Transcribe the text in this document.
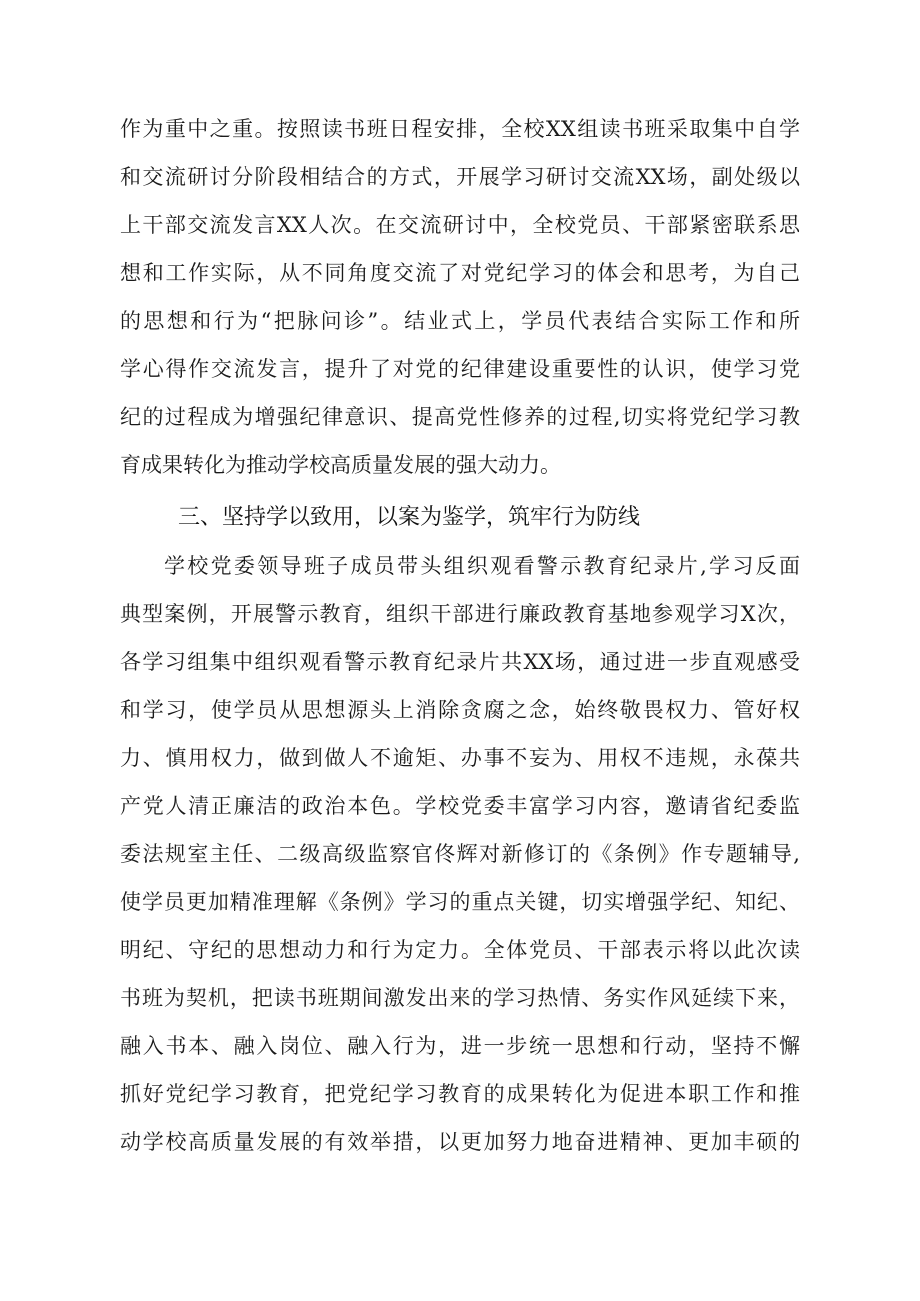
作为重中之重。按照读书班日程安排，全校XX组读书班采取集中自学
和交流研讨分阶段相结合的方式，开展学习研讨交流XX场，副处级以
上干部交流发言XX人次。在交流研讨中，全校党员、干部紧密联系思
想和工作实际，从不同角度交流了对党纪学习的体会和思考，为自己
的思想和行为“把脉问诊”。结业式上，学员代表结合实际工作和所
学心得作交流发言，提升了对党的纪律建设重要性的认识，使学习党
纪的过程成为增强纪律意识、提高党性修养的过程,切实将党纪学习教
育成果转化为推动学校高质量发展的强大动力。
三、坚持学以致用，以案为鉴学，筑牢行为防线
学校党委领导班子成员带头组织观看警示教育纪录片,学习反面
典型案例，开展警示教育，组织干部进行廉政教育基地参观学习X次，
各学习组集中组织观看警示教育纪录片共XX场，通过进一步直观感受
和学习，使学员从思想源头上消除贪腐之念，始终敬畏权力、管好权
力、慎用权力，做到做人不逾矩、办事不妄为、用权不违规，永葆共
产党人清正廉洁的政治本色。学校党委丰富学习内容，邀请省纪委监
委法规室主任、二级高级监察官佟辉对新修订的《条例》作专题辅导,
使学员更加精准理解《条例》学习的重点关键，切实增强学纪、知纪、
明纪、守纪的思想动力和行为定力。全体党员、干部表示将以此次读
书班为契机，把读书班期间激发出来的学习热情、务实作风延续下来，
融入书本、融入岗位、融入行为，进一步统一思想和行动，坚持不懈
抓好党纪学习教育，把党纪学习教育的成果转化为促进本职工作和推
动学校高质量发展的有效举措，以更加努力地奋进精神、更加丰硕的
